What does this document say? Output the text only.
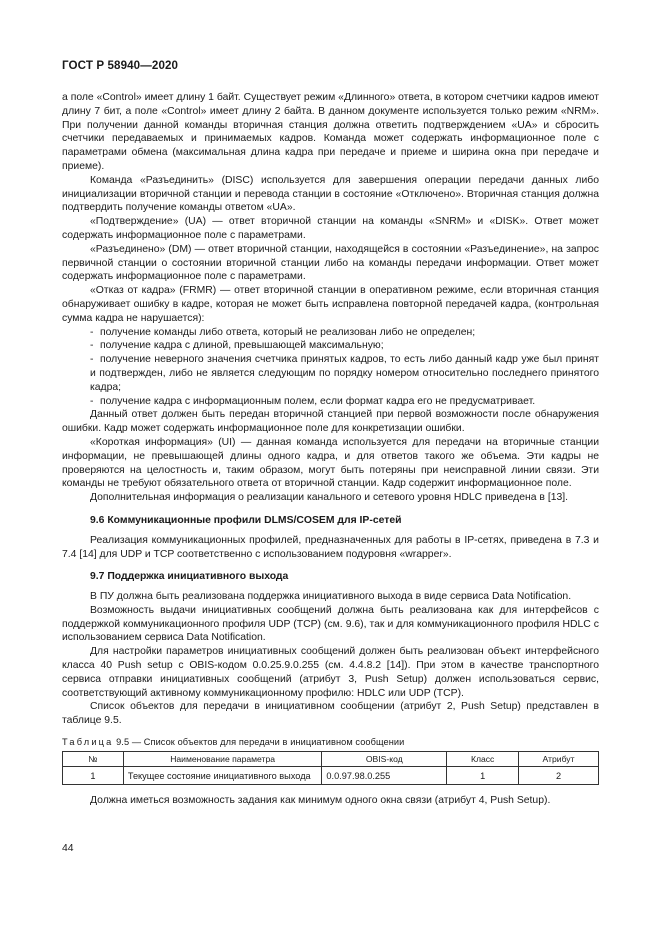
ГОСТ Р 58940—2020

а поле «Control» имеет длину 1 байт. Существует режим «Длинного» ответа, в котором счетчики кадров имеют длину 7 бит, а поле «Control» имеет длину 2 байта. В данном документе используется только режим «NRM». При получении данной команды вторичная станция должна ответить подтверждением «UA» и сбросить счетчики передаваемых и принимаемых кадров. Команда может содержать информационное поле с параметрами обмена (максимальная длина кадра при передаче и приеме и ширина окна при передаче и приеме).

Команда «Разъединить» (DISC) используется для завершения операции передачи данных либо инициализации вторичной станции и перевода станции в состояние «Отключено». Вторичная станция должна подтвердить получение команды ответом «UA».

«Подтверждение» (UA) — ответ вторичной станции на команды «SNRM» и «DISK». Ответ может содержать информационное поле с параметрами.

«Разъединено» (DM) — ответ вторичной станции, находящейся в состоянии «Разъединение», на запрос первичной станции о состоянии вторичной станции либо на команды передачи информации. Ответ может содержать информационное поле с параметрами.

«Отказ от кадра» (FRMR) — ответ вторичной станции в оперативном режиме, если вторичная станция обнаруживает ошибку в кадре, которая не может быть исправлена повторной передачей кадра, (контрольная сумма кадра не нарушается):

- получение команды либо ответа, который не реализован либо не определен;

- получение кадра с длиной, превышающей максимальную;

- получение неверного значения счетчика принятых кадров, то есть либо данный кадр уже был принят и подтвержден, либо не является следующим по порядку номером относительно последнего принятого кадра;

- получение кадра с информационным полем, если формат кадра его не предусматривает.

Данный ответ должен быть передан вторичной станцией при первой возможности после обнаружения ошибки. Кадр может содержать информационное поле для конкретизации ошибки.

«Короткая информация» (UI) — данная команда используется для передачи на вторичные станции информации, не превышающей длины одного кадра, и для ответов такого же объема. Эти кадры не проверяются на целостность и, таким образом, могут быть потеряны при неисправной линии связи. Эти команды не требуют обязательного ответа от вторичной станции. Кадр содержит информационное поле.

Дополнительная информация о реализации канального и сетевого уровня HDLC приведена в [13].

9.6 Коммуникационные профили DLMS/COSEM для IP-сетей

Реализация коммуникационных профилей, предназначенных для работы в IP-сетях, приведена в 7.3 и 7.4 [14] для UDP и TCP соответственно с использованием подуровня «wrapper».

9.7 Поддержка инициативного выхода

В ПУ должна быть реализована поддержка инициативного выхода в виде сервиса Data Notification.

Возможность выдачи инициативных сообщений должна быть реализована как для интерфейсов с поддержкой коммуникационного профиля UDP (TCP) (см. 9.6), так и для коммуникационного профиля HDLC с использованием сервиса Data Notification.

Для настройки параметров инициативных сообщений должен быть реализован объект интерфейсного класса 40 Push setup с OBIS-кодом 0.0.25.9.0.255 (см. 4.4.8.2 [14]). При этом в качестве транспортного сервиса отправки инициативных сообщений (атрибут 3, Push Setup) должен использоваться сервис, соответствующий активному коммуникационному профилю: HDLC или UDP (TCP).

Список объектов для передачи в инициативном сообщении (атрибут 2, Push Setup) представлен в таблице 9.5.

Таблица 9.5 — Список объектов для передачи в инициативном сообщении
№	Наименование параметра	OBIS-код	Класс	Атрибут
1	Текущее состояние инициативного выхода	0.0.97.98.0.255	1	2

Должна иметься возможность задания как минимум одного окна связи (атрибут 4, Push Setup).

44
